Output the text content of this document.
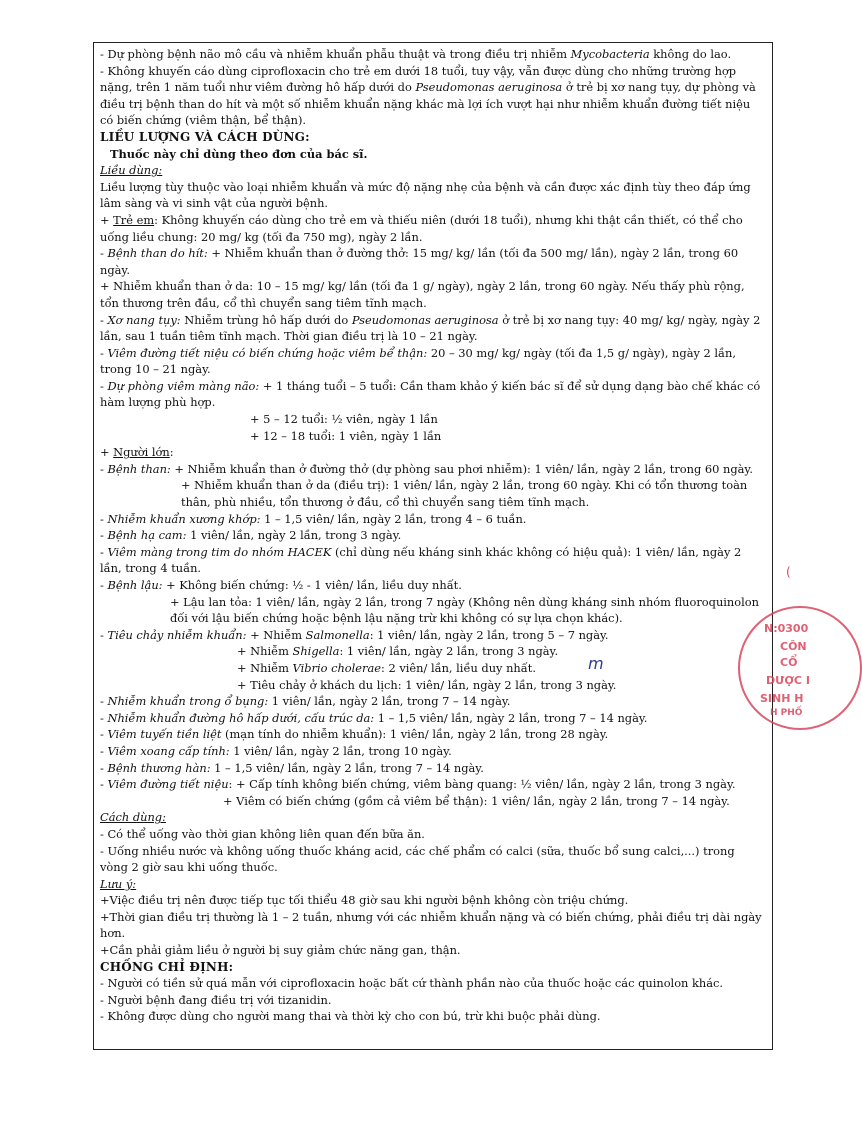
- Dự phòng bệnh não mô cầu và nhiễm khuẩn phẫu thuật và trong điều trị nhiễm Mycobacteria không do lao.

- Không khuyến cáo dùng ciprofloxacin cho trẻ em dưới 18 tuổi, tuy vậy, vẫn được dùng cho những trường hợp nặng, trên 1 năm tuổi như viêm đường hô hấp dưới do Pseudomonas aeruginosa ở trẻ bị xơ nang tụy, dự phòng và điều trị bệnh than do hít và một số nhiễm khuẩn nặng khác mà lợi ích vượt hại như nhiễm khuẩn đường tiết niệu có biến chứng (viêm thận, bể thận).

LIỀU LƯỢNG VÀ CÁCH DÙNG:

Thuốc này chỉ dùng theo đơn của bác sĩ.

Liều dùng:

Liều lượng tùy thuộc vào loại nhiễm khuẩn và mức độ nặng nhẹ của bệnh và cần được xác định tùy theo đáp ứng lâm sàng và vi sinh vật của người bệnh.

+ Trẻ em: Không khuyến cáo dùng cho trẻ em và thiếu niên (dưới 18 tuổi), nhưng khi thật cần thiết, có thể cho uống liều chung: 20 mg/ kg (tối đa 750 mg), ngày 2 lần.

- Bệnh than do hít: + Nhiễm khuẩn than ở đường thở: 15 mg/ kg/ lần (tối đa 500 mg/ lần), ngày 2 lần, trong 60 ngày.

+ Nhiễm khuẩn than ở da: 10 – 15 mg/ kg/ lần (tối đa 1 g/ ngày), ngày 2 lần, trong 60 ngày. Nếu thấy phù rộng, tổn thương trên đầu, cổ thì chuyển sang tiêm tĩnh mạch.

- Xơ nang tụy: Nhiễm trùng hô hấp dưới do Pseudomonas aeruginosa ở trẻ bị xơ nang tụy: 40 mg/ kg/ ngày, ngày 2 lần, sau 1 tuần tiêm tĩnh mạch. Thời gian điều trị là 10 – 21 ngày.

- Viêm đường tiết niệu có biến chứng hoặc viêm bể thận: 20 – 30 mg/ kg/ ngày (tối đa 1,5 g/ ngày), ngày 2 lần, trong 10 – 21 ngày.

- Dự phòng viêm màng não: + 1 tháng tuổi – 5 tuổi: Cần tham khảo ý kiến bác sĩ để sử dụng dạng bào chế khác có hàm lượng phù hợp.

+ 5 – 12 tuổi: ½ viên, ngày 1 lần

+ 12 – 18 tuổi: 1 viên, ngày 1 lần

+ Người lớn:

- Bệnh than: + Nhiễm khuẩn than ở đường thở (dự phòng sau phơi nhiễm): 1 viên/ lần, ngày 2 lần, trong 60 ngày.

+ Nhiễm khuẩn than ở da (điều trị): 1 viên/ lần, ngày 2 lần, trong 60 ngày. Khi có tổn thương toàn thân, phù nhiều, tổn thương ở đầu, cổ thì chuyển sang tiêm tĩnh mạch.

- Nhiễm khuẩn xương khớp: 1 – 1,5 viên/ lần, ngày 2 lần, trong 4 – 6 tuần.

- Bệnh hạ cam: 1 viên/ lần, ngày 2 lần, trong 3 ngày.

- Viêm màng trong tim do nhóm HACEK (chỉ dùng nếu kháng sinh khác không có hiệu quả): 1 viên/ lần, ngày 2 lần, trong 4 tuần.

- Bệnh lậu: + Không biến chứng: ½ - 1 viên/ lần, liều duy nhất.

+ Lậu lan tỏa: 1 viên/ lần, ngày 2 lần, trong 7 ngày (Không nên dùng kháng sinh nhóm fluoroquinolon đối với lậu biến chứng hoặc bệnh lậu nặng trừ khi không có sự lựa chọn khác).

- Tiêu chảy nhiễm khuẩn: + Nhiễm Salmonella: 1 viên/ lần, ngày 2 lần, trong 5 – 7 ngày.

+ Nhiễm Shigella: 1 viên/ lần, ngày 2 lần, trong 3 ngày.

+ Nhiễm Vibrio cholerae: 2 viên/ lần, liều duy nhất.

+ Tiêu chảy ở khách du lịch: 1 viên/ lần, ngày 2 lần, trong 3 ngày.

- Nhiễm khuẩn trong ổ bụng: 1 viên/ lần, ngày 2 lần, trong 7 – 14 ngày.

- Nhiễm khuẩn đường hô hấp dưới, cấu trúc da: 1 – 1,5 viên/ lần, ngày 2 lần, trong 7 – 14 ngày.

- Viêm tuyến tiền liệt (mạn tính do nhiễm khuẩn): 1 viên/ lần, ngày 2 lần, trong 28 ngày.

- Viêm xoang cấp tính: 1 viên/ lần, ngày 2 lần, trong 10 ngày.

- Bệnh thương hàn: 1 – 1,5 viên/ lần, ngày 2 lần, trong 7 – 14 ngày.

- Viêm đường tiết niệu: + Cấp tính không biến chứng, viêm bàng quang: ½ viên/ lần, ngày 2 lần, trong 3 ngày.

+ Viêm có biến chứng (gồm cả viêm bể thận): 1 viên/ lần, ngày 2 lần, trong 7 – 14 ngày.

Cách dùng:

- Có thể uống vào thời gian không liên quan đến bữa ăn.

- Uống nhiều nước và không uống thuốc kháng acid, các chế phẩm có calci (sữa, thuốc bổ sung calci,...) trong vòng 2 giờ sau khi uống thuốc.

Lưu ý:

+Việc điều trị nên được tiếp tục tối thiểu 48 giờ sau khi người bệnh không còn triệu chứng.

+Thời gian điều trị thường là 1 – 2 tuần, nhưng với các nhiễm khuẩn nặng và có biến chứng, phải điều trị dài ngày hơn.

+Cần phải giảm liều ở người bị suy giảm chức năng gan, thận.

CHỐNG CHỈ ĐỊNH:

- Người có tiền sử quá mẫn với ciprofloxacin hoặc bất cứ thành phần nào của thuốc hoặc các quinolon khác.

- Người bệnh đang điều trị với tizanidin.

- Không được dùng cho người mang thai và thời kỳ cho con bú, trừ khi buộc phải dùng.

m
(
N:0300
CÔN
CỔ
DƯỢC I
SINH H
H PHỐ
